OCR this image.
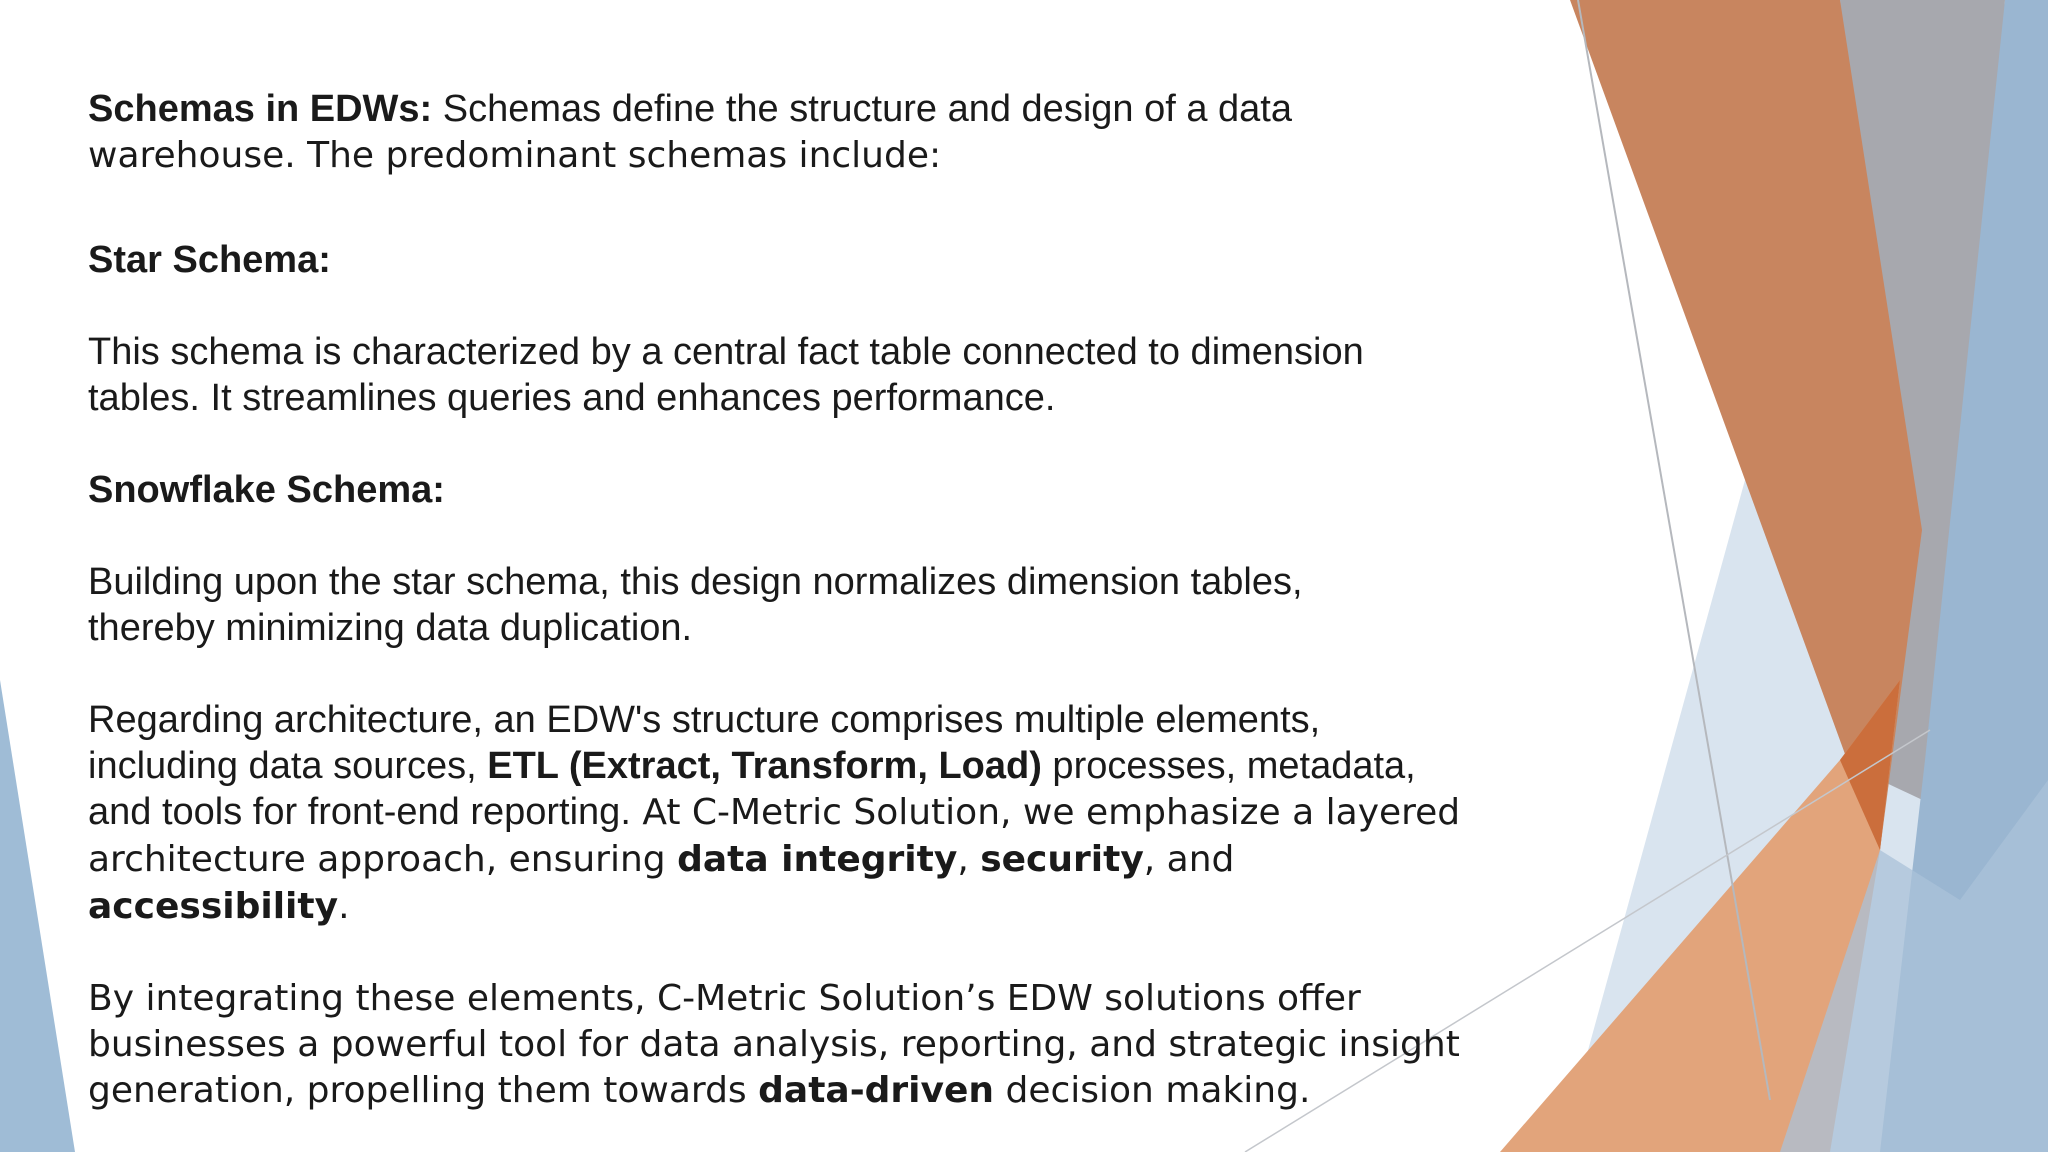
Schemas in EDWs: Schemas define the structure and design of a data
warehouse. The predominant schemas include:

Star Schema:

This schema is characterized by a central fact table connected to dimension
tables. It streamlines queries and enhances performance.

Snowflake Schema:

Building upon the star schema, this design normalizes dimension tables,
thereby minimizing data duplication.

Regarding architecture, an EDW's structure comprises multiple elements,
including data sources, ETL (Extract, Transform, Load) processes, metadata,
and tools for front-end reporting. At C-Metric Solution, we emphasize a layered
architecture approach, ensuring data integrity, security, and accessibility.

By integrating these elements, C-Metric Solution’s EDW solutions offer
businesses a powerful tool for data analysis, reporting, and strategic insight
generation, propelling them towards data-driven decision making.
